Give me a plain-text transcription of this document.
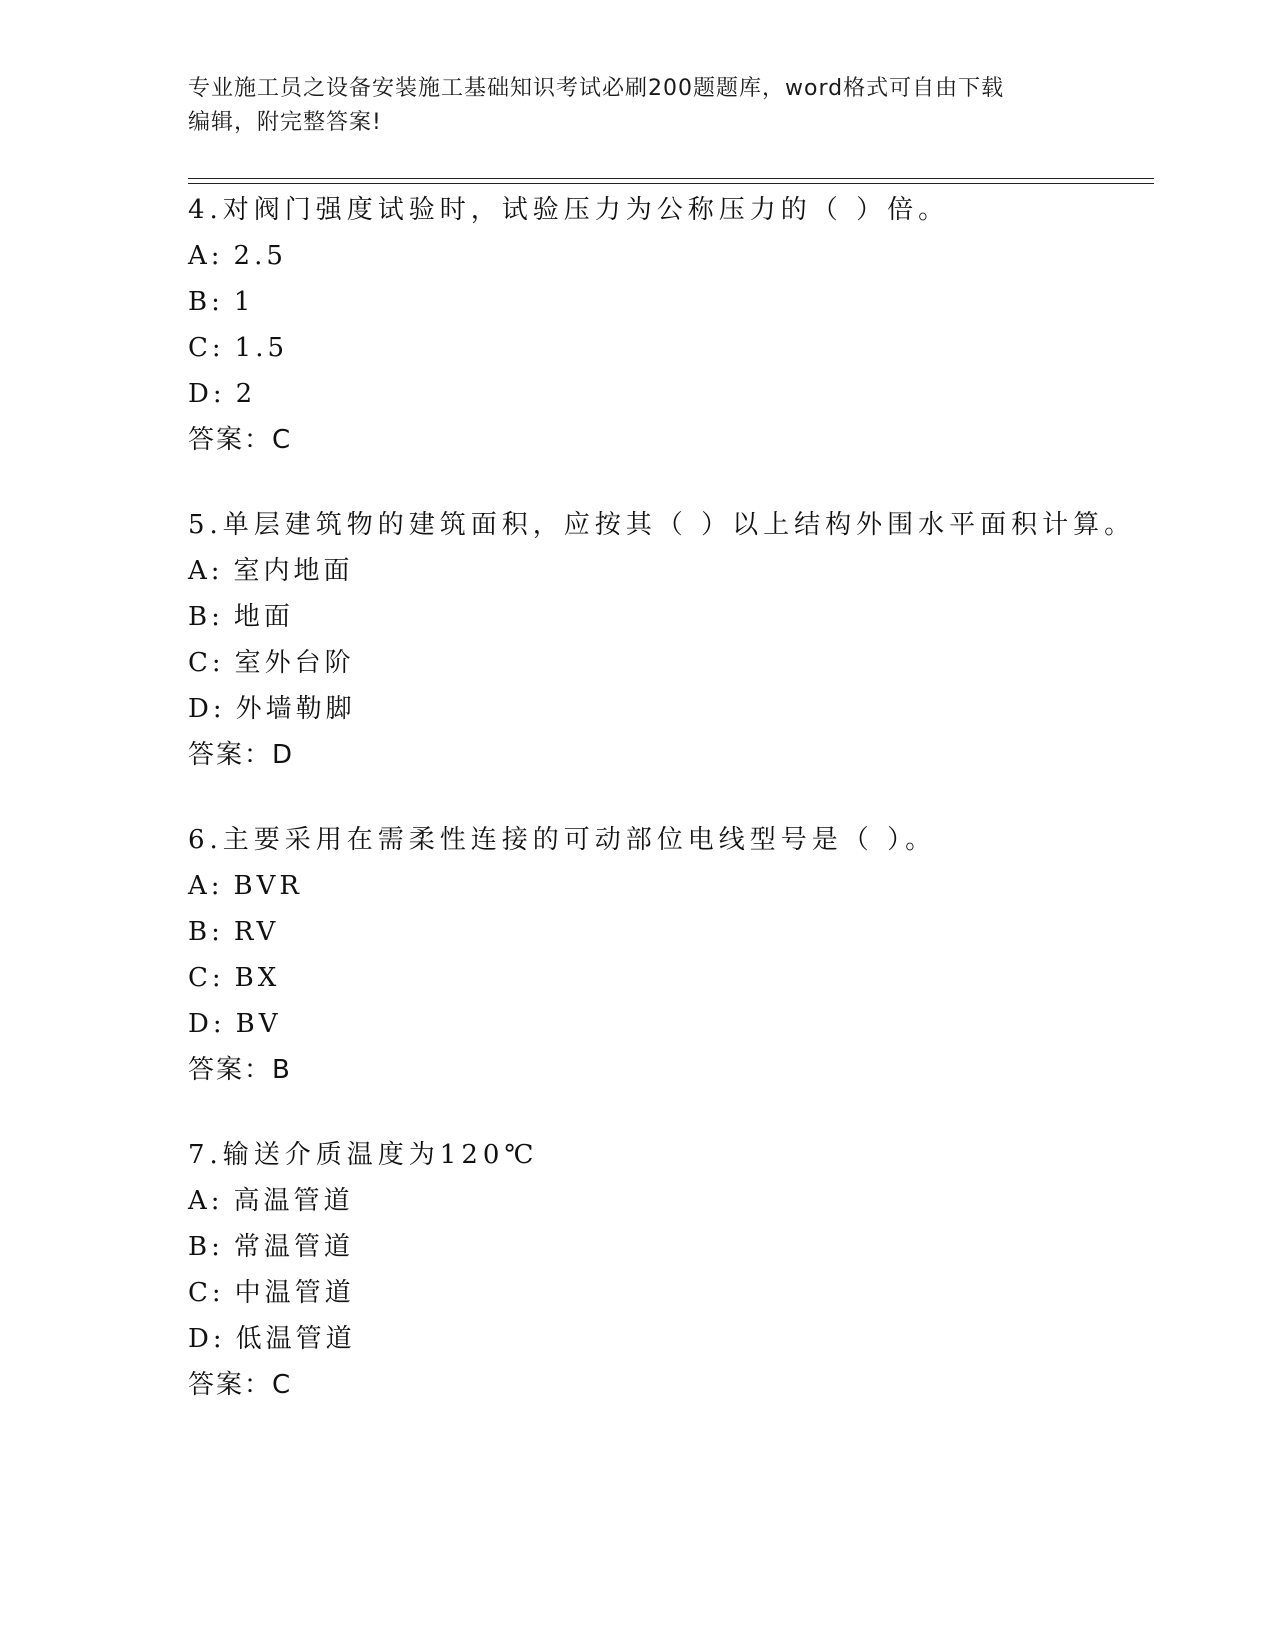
专业施工员之设备安装施工基础知识考试必刷200题题库，word格式可自由下载
编辑，附完整答案!
4.对阀门强度试验时，试验压力为公称压力的（ ）倍。
A: 2.5
B: 1
C: 1.5
D: 2
答案：C
5.单层建筑物的建筑面积，应按其（ ）以上结构外围水平面积计算。
A: 室内地面
B: 地面
C: 室外台阶
D: 外墙勒脚
答案：D
6.主要采用在需柔性连接的可动部位电线型号是（ ）。
A: BVR
B: RV
C: BX
D: BV
答案：B
7.输送介质温度为120℃
A: 高温管道
B: 常温管道
C: 中温管道
D: 低温管道
答案：C
